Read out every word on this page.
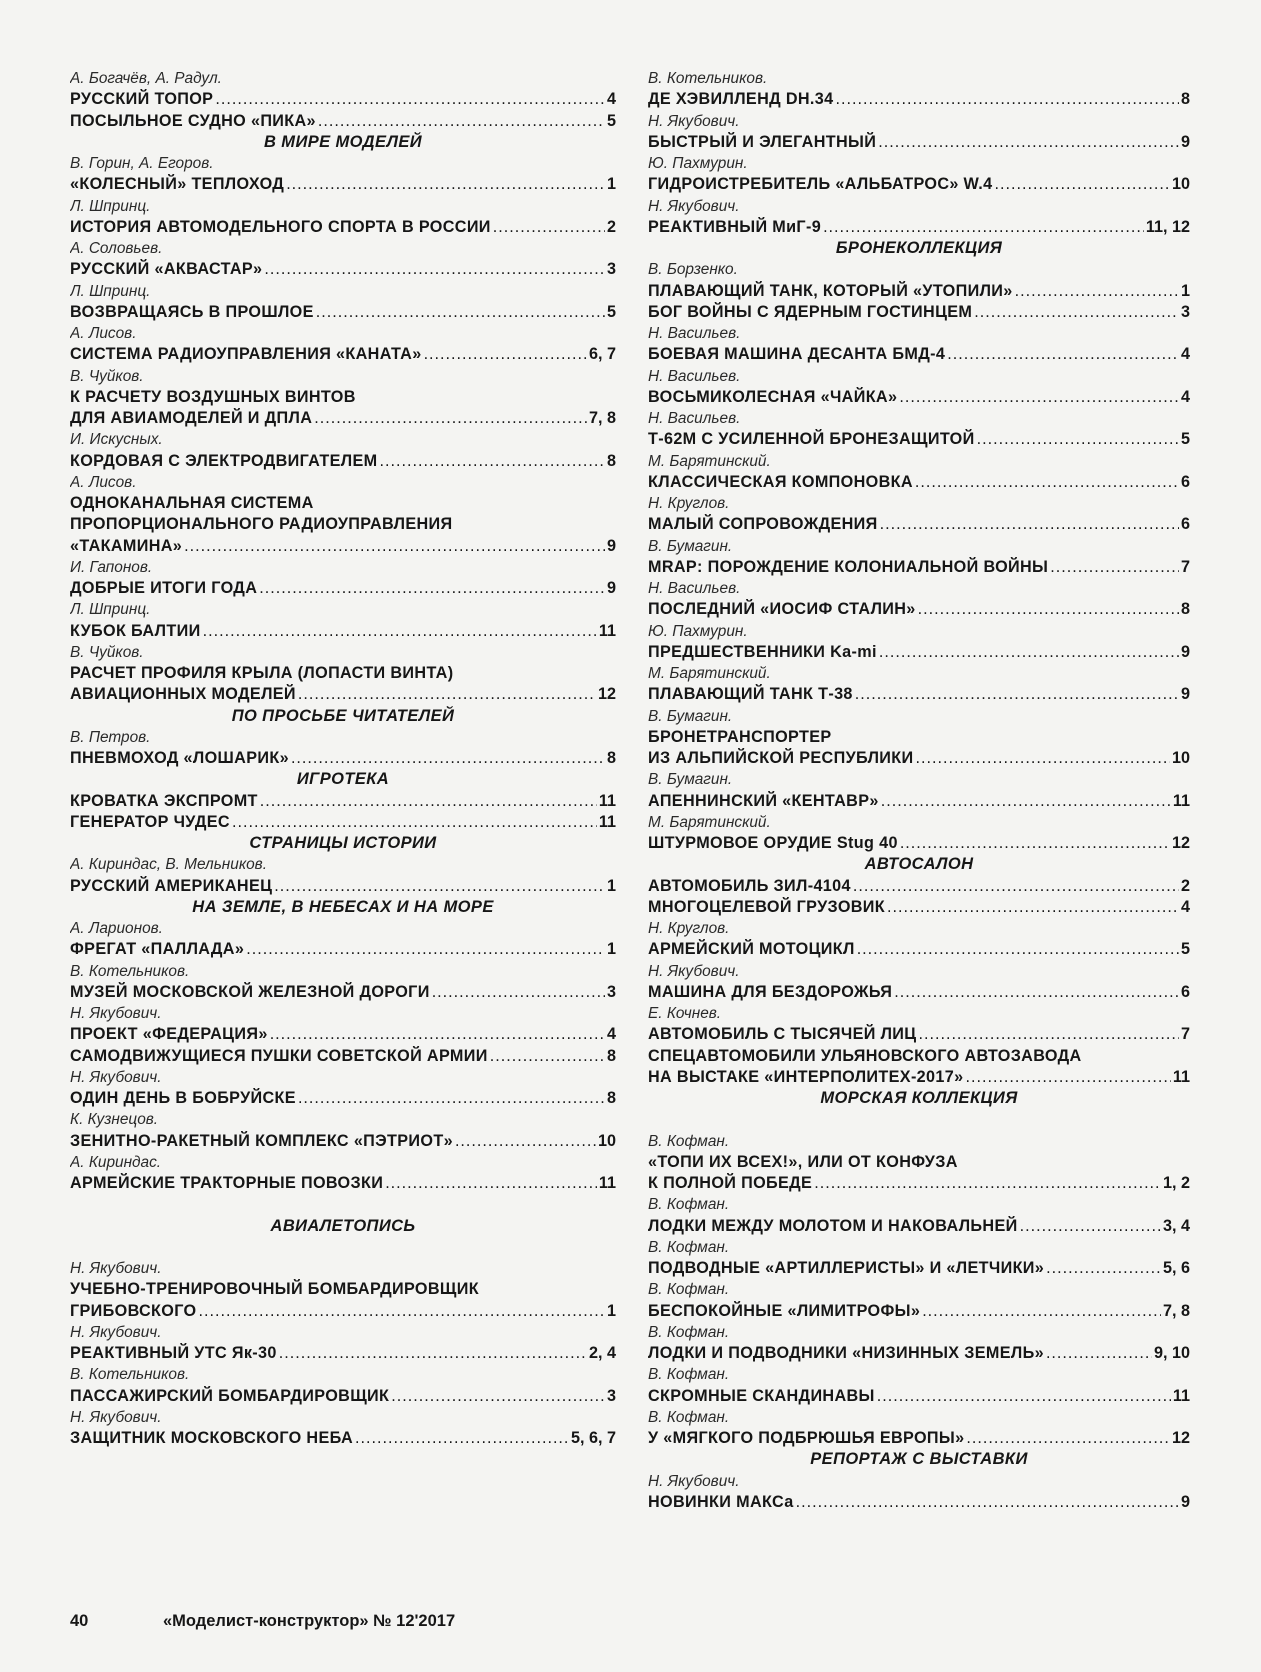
А. Богачёв, А. Радул.
РУССКИЙ ТОПОР .....	4
ПОСЫЛЬНОЕ СУДНО «ПИКА» .....	5
В МИРЕ МОДЕЛЕЙ
В. Горин, А. Егоров.
«КОЛЕСНЫЙ» ТЕПЛОХОД .....	1
Л. Шпринц.
ИСТОРИЯ АВТОМОДЕЛЬНОГО СПОРТА В РОССИИ .....	2
А. Соловьев.
РУССКИЙ «АКВАСТАР» .....	3
Л. Шпринц.
ВОЗВРАЩАЯСЬ В ПРОШЛОЕ .....	5
А. Лисов.
СИСТЕМА РАДИОУПРАВЛЕНИЯ «КАНАТА» .....	6, 7
В. Чуйков.
К РАСЧЕТУ ВОЗДУШНЫХ ВИНТОВ
ДЛЯ АВИАМОДЕЛЕЙ И ДПЛА .....	7, 8
И. Искусных.
КОРДОВАЯ С ЭЛЕКТРОДВИГАТЕЛЕМ .....	8
А. Лисов.
ОДНОКАНАЛЬНАЯ СИСТЕМА
ПРОПОРЦИОНАЛЬНОГО РАДИОУПРАВЛЕНИЯ
«ТАКАМИНА» .....	9
И. Гапонов.
ДОБРЫЕ ИТОГИ ГОДА .....	9
Л. Шпринц.
КУБОК БАЛТИИ .....	11
В. Чуйков.
РАСЧЕТ ПРОФИЛЯ КРЫЛА (ЛОПАСТИ ВИНТА)
АВИАЦИОННЫХ МОДЕЛЕЙ .....	12
ПО ПРОСЬБЕ ЧИТАТЕЛЕЙ
В. Петров.
ПНЕВМОХОД «ЛОШАРИК» .....	8
ИГРОТЕКА
КРОВАТКА ЭКСПРОМТ .....	11
ГЕНЕРАТОР ЧУДЕС .....	11
СТРАНИЦЫ ИСТОРИИ
А. Кириндас, В. Мельников.
РУССКИЙ АМЕРИКАНЕЦ .....	1
НА ЗЕМЛЕ, В НЕБЕСАХ И НА МОРЕ
А. Ларионов.
ФРЕГАТ «ПАЛЛАДА» .....	1
В. Котельников.
МУЗЕЙ МОСКОВСКОЙ ЖЕЛЕЗНОЙ ДОРОГИ .....	3
Н. Якубович.
ПРОЕКТ «ФЕДЕРАЦИЯ» .....	4
САМОДВИЖУЩИЕСЯ ПУШКИ СОВЕТСКОЙ АРМИИ .....	8
Н. Якубович.
ОДИН ДЕНЬ В БОБРУЙСКЕ .....	8
К. Кузнецов.
ЗЕНИТНО-РАКЕТНЫЙ КОМПЛЕКС «ПЭТРИОТ» .....	10
А. Кириндас.
АРМЕЙСКИЕ ТРАКТОРНЫЕ ПОВОЗКИ .....	11
АВИАЛЕТОПИСЬ
Н. Якубович.
УЧЕБНО-ТРЕНИРОВОЧНЫЙ БОМБАРДИРОВЩИК
ГРИБОВСКОГО .....	1
Н. Якубович.
РЕАКТИВНЫЙ УТС Як-30 .....	2, 4
В. Котельников.
ПАССАЖИРСКИЙ БОМБАРДИРОВЩИК .....	3
Н. Якубович.
ЗАЩИТНИК МОСКОВСКОГО НЕБА .....	5, 6, 7
В. Котельников.
ДЕ ХЭВИЛЛЕНД DH.34 .....	8
Н. Якубович.
БЫСТРЫЙ И ЭЛЕГАНТНЫЙ .....	9
Ю. Пахмурин.
ГИДРОИСТРЕБИТЕЛЬ «АЛЬБАТРОС» W.4 .....	10
Н. Якубович.
РЕАКТИВНЫЙ МиГ-9 .....	11, 12
БРОНЕКОЛЛЕКЦИЯ
В. Борзенко.
ПЛАВАЮЩИЙ ТАНК, КОТОРЫЙ «УТОПИЛИ» .....	1
БОГ ВОЙНЫ С ЯДЕРНЫМ ГОСТИНЦЕМ .....	3
Н. Васильев.
БОЕВАЯ МАШИНА ДЕСАНТА БМД-4 .....	4
Н. Васильев.
ВОСЬМИКОЛЕСНАЯ «ЧАЙКА» .....	4
Н. Васильев.
Т-62М С УСИЛЕННОЙ БРОНЕЗАЩИТОЙ .....	5
М. Барятинский.
КЛАССИЧЕСКАЯ КОМПОНОВКА .....	6
Н. Круглов.
МАЛЫЙ СОПРОВОЖДЕНИЯ .....	6
В. Бумагин.
MRAP: ПОРОЖДЕНИЕ КОЛОНИАЛЬНОЙ ВОЙНЫ .....	7
Н. Васильев.
ПОСЛЕДНИЙ «ИОСИФ СТАЛИН» .....	8
Ю. Пахмурин.
ПРЕДШЕСТВЕННИКИ Ka-mi .....	9
М. Барятинский.
ПЛАВАЮЩИЙ ТАНК Т-38 .....	9
В. Бумагин.
БРОНЕТРАНСПОРТЕР
ИЗ АЛЬПИЙСКОЙ РЕСПУБЛИКИ .....	10
В. Бумагин.
АПЕННИНСКИЙ «КЕНТАВР» .....	11
М. Барятинский.
ШТУРМОВОЕ ОРУДИЕ Stug 40 .....	12
АВТОСАЛОН
АВТОМОБИЛЬ ЗИЛ-4104 .....	2
МНОГОЦЕЛЕВОЙ ГРУЗОВИК .....	4
Н. Круглов.
АРМЕЙСКИЙ МОТОЦИКЛ .....	5
Н. Якубович.
МАШИНА ДЛЯ БЕЗДОРОЖЬЯ .....	6
Е. Кочнев.
АВТОМОБИЛЬ С ТЫСЯЧЕЙ ЛИЦ .....	7
СПЕЦАВТОМОБИЛИ УЛЬЯНОВСКОГО АВТОЗАВОДА
НА ВЫСТАКЕ «ИНТЕРПОЛИТЕХ-2017» .....	11
МОРСКАЯ КОЛЛЕКЦИЯ
В. Кофман.
«ТОПИ ИХ ВСЕХ!», ИЛИ ОТ КОНФУЗА
К ПОЛНОЙ ПОБЕДЕ .....	1, 2
В. Кофман.
ЛОДКИ МЕЖДУ МОЛОТОМ И НАКОВАЛЬНЕЙ .....	3, 4
В. Кофман.
ПОДВОДНЫЕ «АРТИЛЛЕРИСТЫ» И «ЛЕТЧИКИ» .....	5, 6
В. Кофман.
БЕСПОКОЙНЫЕ «ЛИМИТРОФЫ» .....	7, 8
В. Кофман.
ЛОДКИ И ПОДВОДНИКИ «НИЗИННЫХ ЗЕМЕЛЬ» .....	9, 10
В. Кофман.
СКРОМНЫЕ СКАНДИНАВЫ .....	11
В. Кофман.
У «МЯГКОГО ПОДБРЮШЬЯ ЕВРОПЫ» .....	12
РЕПОРТАЖ С ВЫСТАВКИ
Н. Якубович.
НОВИНКИ МАКСа .....	9
40	«Моделист-конструктор» № 12'2017
